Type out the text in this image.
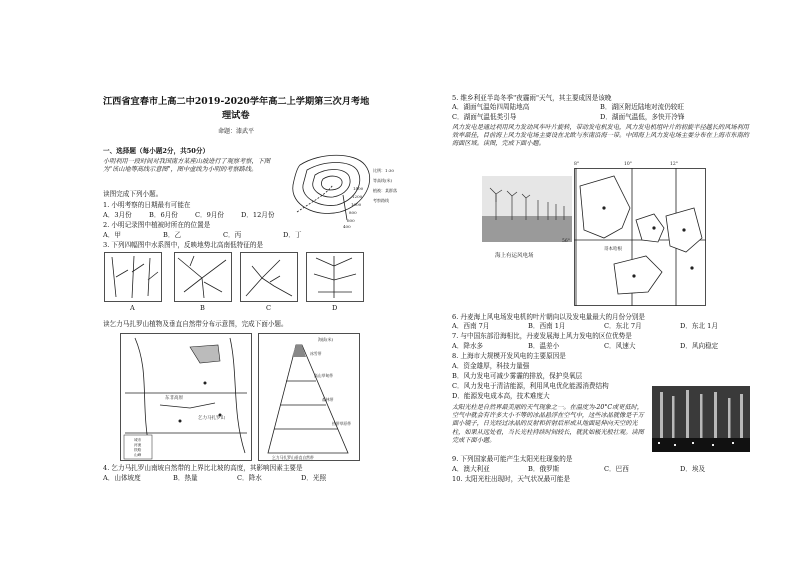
江西省宜春市上高二中2019-2020学年高二上学期第三次月考地
理试卷
命题：漆武平
一、选择题（每小题2分，共50分）
小明利用一段时间对我国南方某座山坡进行了观察考察，下图为"该山地等高线示意图"，图中虚线为小明的考察路线。
读图完成下列小题。
400
600
800
1000
1200
1400
比例：1:30
等高线(米)
植被：某群落
考察路线
1. 小明考察的日期最有可能在
A．3月份	B．6月份	C．9月份	D．12月份
2. 小明记录图中植被时所在的位置是
A．甲	B．乙	C．丙	D．丁
3. 下列四幅图中水系图中，反映地势北高南低特征的是
A	B	C	D
读乞力马扎罗山植物及垂直自然带分布示意图，完成下面小题。
东非高原
乞力马扎罗山
城市
河流
铁路
山峰
海拔(米)
冰雪带
高山草甸带
森林带
热带草原带
乞力马扎罗山垂直自然带
4. 乞力马扎罗山南坡自然带的上界比北坡的高度，其影响因素主要是
A．山体坡度	B．热量	C．降水	D．光照
5. 维乡利亚半岛冬季"夜霾雨"天气，其主要成因是该晚
A．湖面气温始四周陆地高	B．湖区附近陆地对流仍较旺
C．湖面气温低类引导	D．湖面气温低，多快开冷锋
风力发电是通过利用风力发动风车叶片旋转，带动发电机发电，风力发电机组叶片的初旋半径越长的风场利用效率最佳，目前海上风力发电场主要设在北欧与东南沿海一带。中国海上风力发电场主要分布在上海市东南的海面区域。读图，完成下面小题。
海上有运风电场
哥本哈根
8°	10°	12°
56°
6. 丹麦海上风电场发电机的叶片朝向以及发电量最大的月份分别是
A．西南 7月	B．西南 1月	C．东北 7月	D．东北 1月
7. 与中国东部沿海相比，丹麦发展海上风力发电的区位优势是
A．降水多	B．温差小	C．风速大	D．风向稳定
8. 上海市大规模开发风电的主要原因是
A．资金雄厚，科技力量强
B．风力发电可减少雾霾的排放，保护臭氧层
C．风力发电于清洁能源，利用风电优化能源消费结构
D．能源发电成本高，技术难度大
太阳光柱是自然界最美丽的天气现象之一。在温度为-20°C或更低时，空气中就会有许多大小不等的冰晶悬浮在空气中，这些冰晶就像是千万面小镜子，日光经过冰晶的反射和折射后形成从地面延伸向天空的光柱，如果从远处看，当长光柱持续时间较长，就犹如极光般壮观。读图完成下面小题。
9. 下列国家最可能产生太阳光柱现象的是
A．澳大利亚	B．俄罗斯	C．巴西	D．埃及
10. 太阳光柱出现时，天气状况最可能是
